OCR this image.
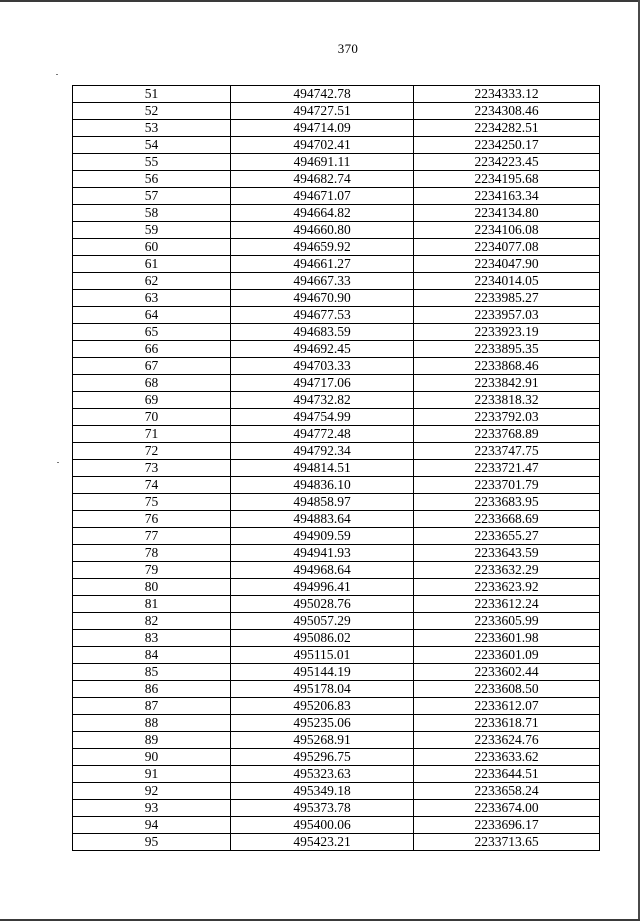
370
51	494742.78	2234333.12
52	494727.51	2234308.46
53	494714.09	2234282.51
54	494702.41	2234250.17
55	494691.11	2234223.45
56	494682.74	2234195.68
57	494671.07	2234163.34
58	494664.82	2234134.80
59	494660.80	2234106.08
60	494659.92	2234077.08
61	494661.27	2234047.90
62	494667.33	2234014.05
63	494670.90	2233985.27
64	494677.53	2233957.03
65	494683.59	2233923.19
66	494692.45	2233895.35
67	494703.33	2233868.46
68	494717.06	2233842.91
69	494732.82	2233818.32
70	494754.99	2233792.03
71	494772.48	2233768.89
72	494792.34	2233747.75
73	494814.51	2233721.47
74	494836.10	2233701.79
75	494858.97	2233683.95
76	494883.64	2233668.69
77	494909.59	2233655.27
78	494941.93	2233643.59
79	494968.64	2233632.29
80	494996.41	2233623.92
81	495028.76	2233612.24
82	495057.29	2233605.99
83	495086.02	2233601.98
84	495115.01	2233601.09
85	495144.19	2233602.44
86	495178.04	2233608.50
87	495206.83	2233612.07
88	495235.06	2233618.71
89	495268.91	2233624.76
90	495296.75	2233633.62
91	495323.63	2233644.51
92	495349.18	2233658.24
93	495373.78	2233674.00
94	495400.06	2233696.17
95	495423.21	2233713.65
